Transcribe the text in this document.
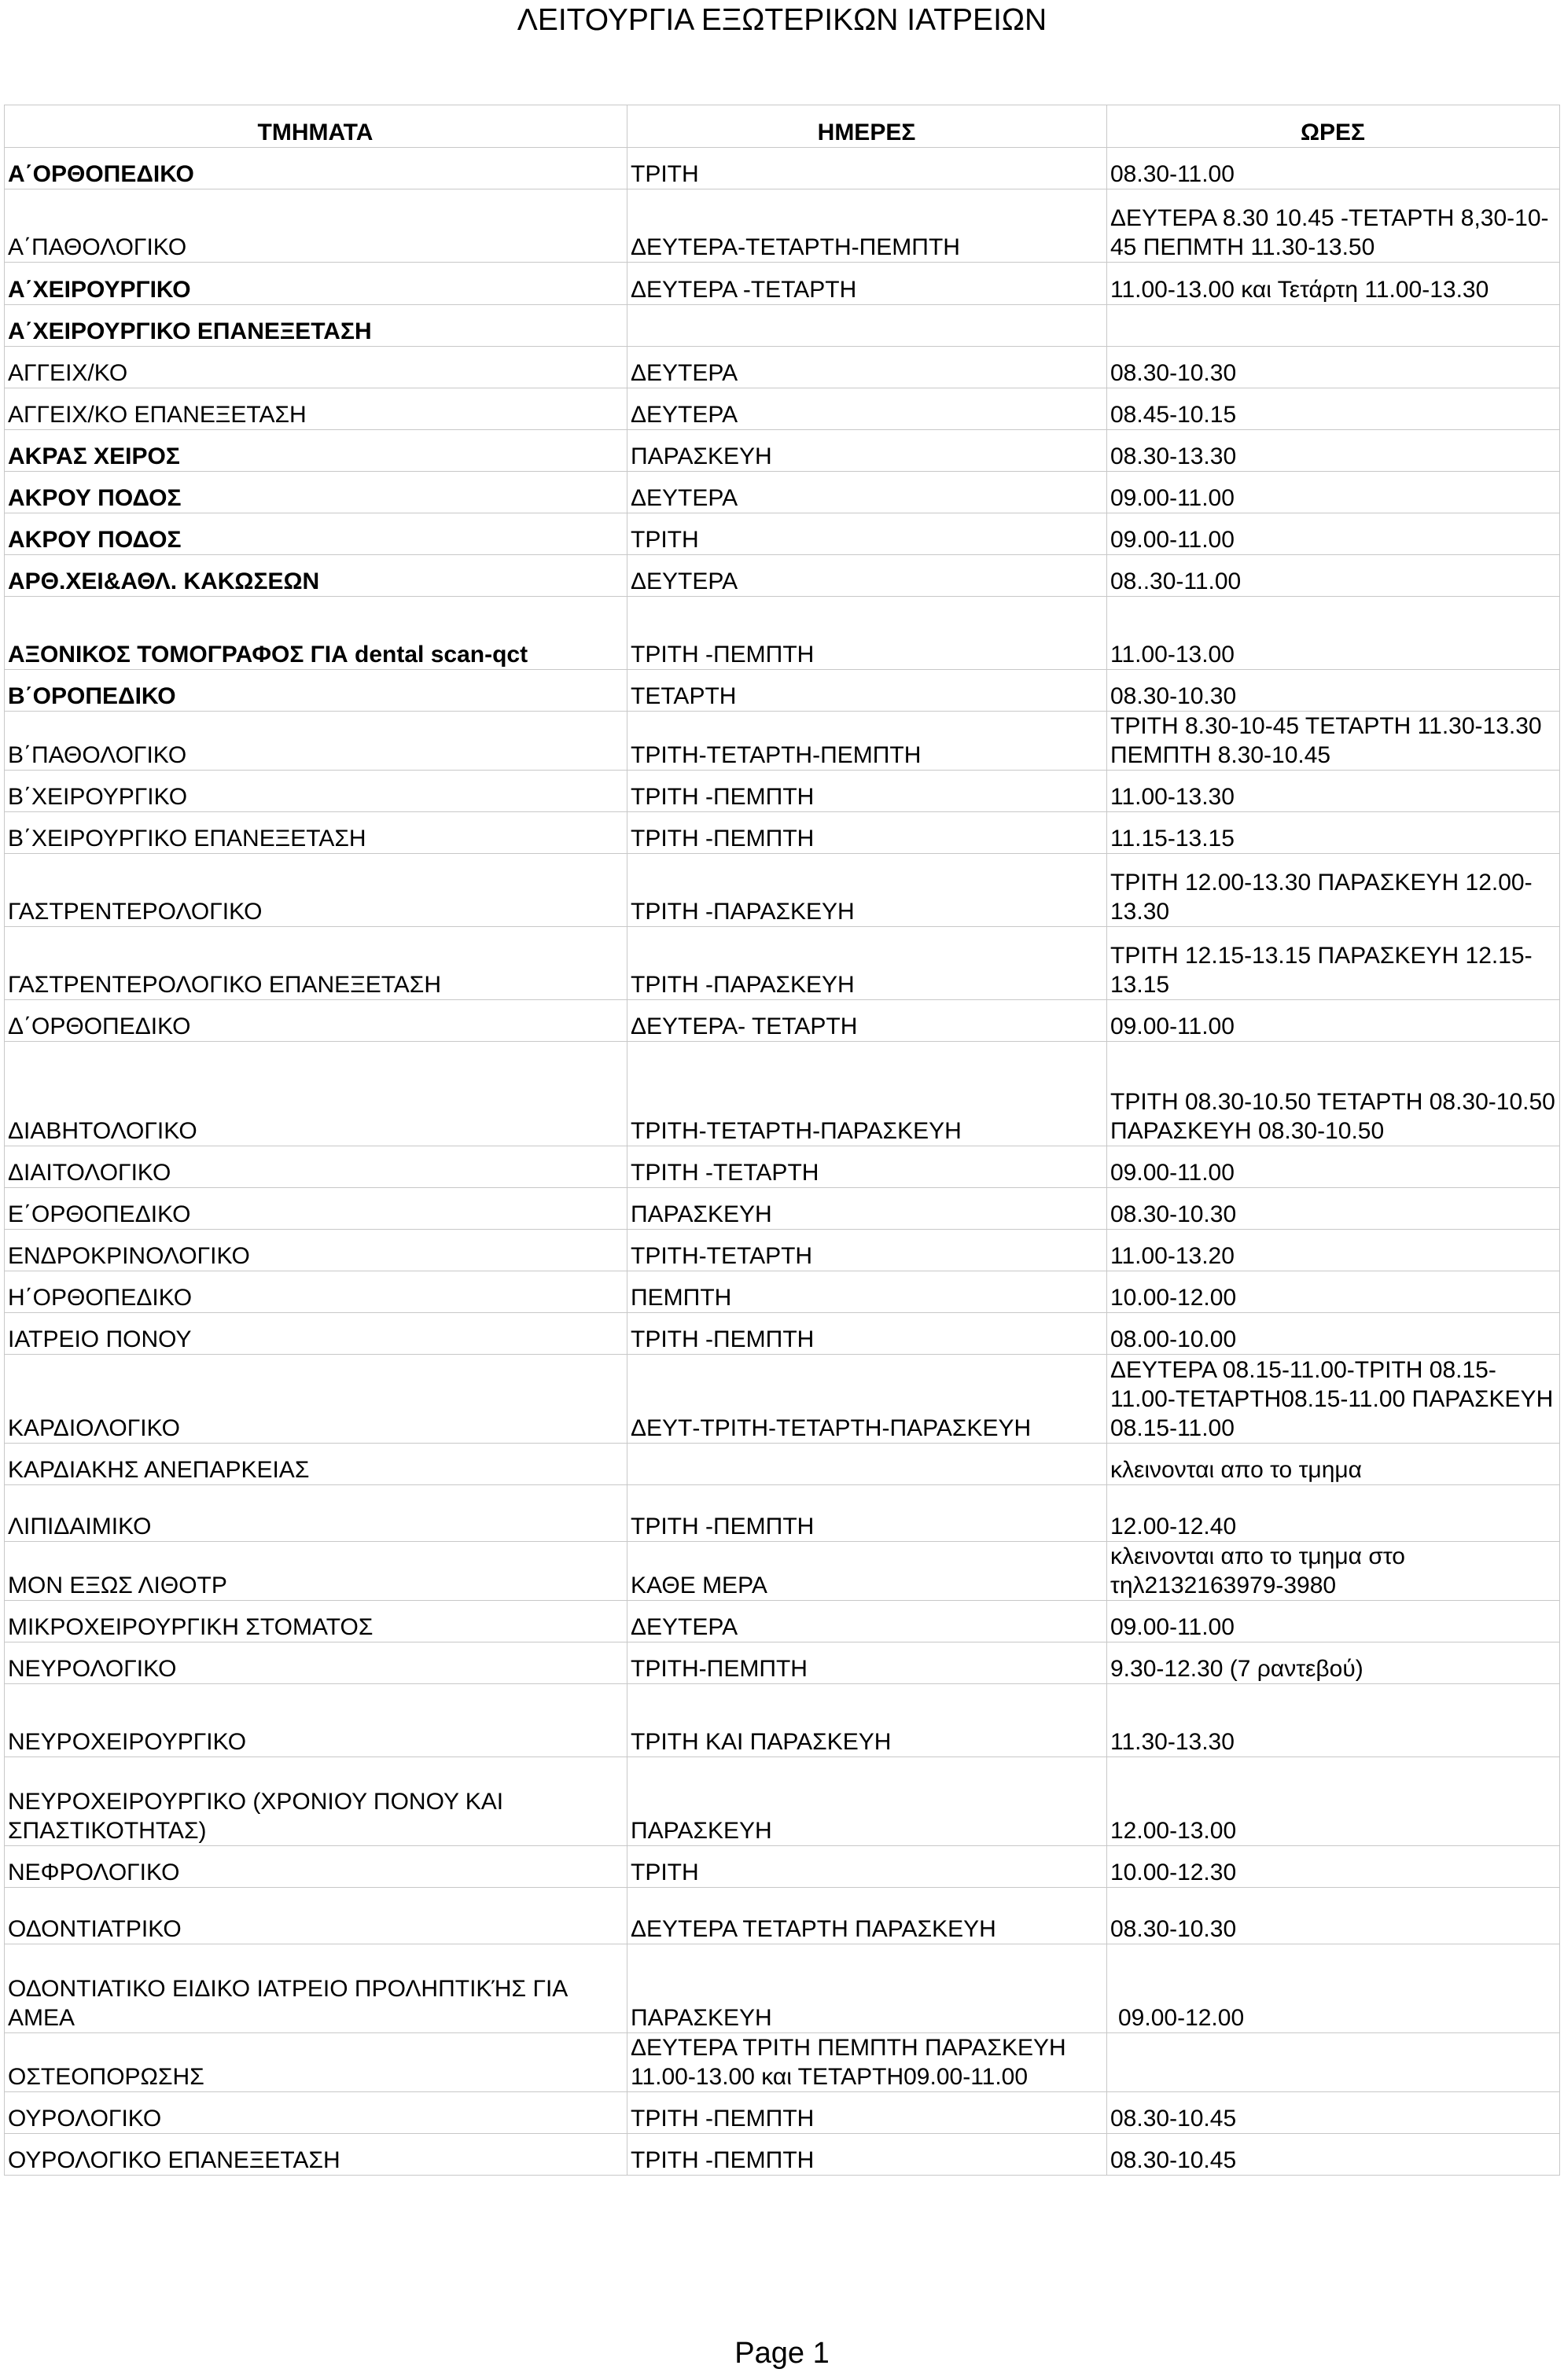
ΛΕΙΤΟΥΡΓΙΑ ΕΞΩΤΕΡΙΚΩΝ ΙΑΤΡΕΙΩΝ
ΤΜΗΜΑΤΑ	ΗΜΕΡΕΣ	ΩΡΕΣ
Α΄ΟΡΘΟΠΕΔΙΚΟ	ΤΡΙΤΗ	08.30-11.00
Α΄ΠΑΘΟΛΟΓΙΚΟ	ΔΕΥΤΕΡΑ-ΤΕΤΑΡΤΗ-ΠΕΜΠΤΗ	ΔΕΥΤΕΡΑ 8.30 10.45 -ΤΕΤΑΡΤΗ 8,30-10-45 ΠΕΠΜΤΗ 11.30-13.50
Α΄ΧΕΙΡΟΥΡΓΙΚΟ	ΔΕΥΤΕΡΑ -ΤΕΤΑΡΤΗ	11.00-13.00 και Τετάρτη 11.00-13.30
Α΄ΧΕΙΡΟΥΡΓΙΚΟ ΕΠΑΝΕΞΕΤΑΣΗ		
ΑΓΓΕΙΧ/ΚΟ	ΔΕΥΤΕΡΑ	08.30-10.30
ΑΓΓΕΙΧ/ΚΟ ΕΠΑΝΕΞΕΤΑΣΗ	ΔΕΥΤΕΡΑ	08.45-10.15
ΑΚΡΑΣ ΧΕΙΡΟΣ	ΠΑΡΑΣΚΕΥΗ	08.30-13.30
ΑΚΡΟΥ ΠΟΔΟΣ	ΔΕΥΤΕΡΑ	09.00-11.00
ΑΚΡΟΥ ΠΟΔΟΣ	ΤΡΙΤΗ	09.00-11.00
ΑΡΘ.ΧΕΙ&ΑΘΛ. ΚΑΚΩΣΕΩΝ	ΔΕΥΤΕΡΑ	08..30-11.00
ΑΞΟΝΙΚΟΣ ΤΟΜΟΓΡΑΦΟΣ ΓΙΑ dental scan-qct	ΤΡΙΤΗ -ΠΕΜΠΤΗ	11.00-13.00
Β΄ΟΡΟΠΕΔΙΚΟ	ΤΕΤΑΡΤΗ	08.30-10.30
Β΄ΠΑΘΟΛΟΓΙΚΟ	ΤΡΙΤΗ-ΤΕΤΑΡΤΗ-ΠΕΜΠΤΗ	ΤΡΙΤΗ 8.30-10-45 ΤΕΤΑΡΤΗ 11.30-13.30 ΠΕΜΠΤΗ 8.30-10.45
Β΄ΧΕΙΡΟΥΡΓΙΚΟ	ΤΡΙΤΗ -ΠΕΜΠΤΗ	11.00-13.30
Β΄ΧΕΙΡΟΥΡΓΙΚΟ ΕΠΑΝΕΞΕΤΑΣΗ	ΤΡΙΤΗ -ΠΕΜΠΤΗ	11.15-13.15
ΓΑΣΤΡΕΝΤΕΡΟΛΟΓΙΚΟ	ΤΡΙΤΗ -ΠΑΡΑΣΚΕΥΗ	ΤΡΙΤΗ 12.00-13.30 ΠΑΡΑΣΚΕΥΗ 12.00-13.30
ΓΑΣΤΡΕΝΤΕΡΟΛΟΓΙΚΟ ΕΠΑΝΕΞΕΤΑΣΗ	ΤΡΙΤΗ -ΠΑΡΑΣΚΕΥΗ	ΤΡΙΤΗ 12.15-13.15 ΠΑΡΑΣΚΕΥΗ 12.15-13.15
Δ΄ΟΡΘΟΠΕΔΙΚΟ	ΔΕΥΤΕΡΑ- ΤΕΤΑΡΤΗ	09.00-11.00
ΔΙΑΒΗΤΟΛΟΓΙΚΟ	ΤΡΙΤΗ-ΤΕΤΑΡΤΗ-ΠΑΡΑΣΚΕΥΗ	ΤΡΙΤΗ 08.30-10.50 ΤΕΤΑΡΤΗ 08.30-10.50 ΠΑΡΑΣΚΕΥΗ 08.30-10.50
ΔΙΑΙΤΟΛΟΓΙΚΟ	ΤΡΙΤΗ -ΤΕΤΑΡΤΗ	09.00-11.00
Ε΄ΟΡΘΟΠΕΔΙΚΟ	ΠΑΡΑΣΚΕΥΗ	08.30-10.30
ΕΝΔΡΟΚΡΙΝΟΛΟΓΙΚΟ	ΤΡΙΤΗ-ΤΕΤΑΡΤΗ	11.00-13.20
Η΄ΟΡΘΟΠΕΔΙΚΟ	ΠΕΜΠΤΗ	10.00-12.00
ΙΑΤΡΕΙΟ ΠΟΝΟΥ	ΤΡΙΤΗ -ΠΕΜΠΤΗ	08.00-10.00
ΚΑΡΔΙΟΛΟΓΙΚΟ	ΔΕΥΤ-ΤΡΙΤΗ-ΤΕΤΑΡΤΗ-ΠΑΡΑΣΚΕΥΗ	ΔΕΥΤΕΡΑ 08.15-11.00-ΤΡΙΤΗ 08.15-11.00-ΤΕΤΑΡΤΗ08.15-11.00 ΠΑΡΑΣΚΕΥΗ 08.15-11.00
ΚΑΡΔΙΑΚΗΣ ΑΝΕΠΑΡΚΕΙΑΣ		κλεινονται απο το τμημα
ΛΙΠΙΔΑΙΜΙΚΟ	ΤΡΙΤΗ -ΠΕΜΠΤΗ	12.00-12.40
ΜΟΝ ΕΞΩΣ ΛΙΘΟΤΡ	ΚΑΘΕ ΜΕΡΑ	κλεινονται απο το τμημα στο τηλ2132163979-3980
ΜΙΚΡΟΧΕΙΡΟΥΡΓΙΚΗ ΣΤΟΜΑΤΟΣ	ΔΕΥΤΕΡΑ	09.00-11.00
ΝΕΥΡΟΛΟΓΙΚΟ	ΤΡΙΤΗ-ΠΕΜΠΤΗ	9.30-12.30 (7 ραντεβού)
ΝΕΥΡΟΧΕΙΡΟΥΡΓΙΚΟ	ΤΡΙΤΗ ΚΑΙ ΠΑΡΑΣΚΕΥΗ	11.30-13.30
ΝΕΥΡΟΧΕΙΡΟΥΡΓΙΚΟ (ΧΡΟΝΙΟΥ ΠΟΝΟΥ ΚΑΙ ΣΠΑΣΤΙΚΟΤΗΤΑΣ)	ΠΑΡΑΣΚΕΥΗ	12.00-13.00
ΝΕΦΡΟΛΟΓΙΚΟ	ΤΡΙΤΗ	10.00-12.30
ΟΔΟΝΤΙΑΤΡΙΚΟ	ΔΕΥΤΕΡΑ ΤΕΤΑΡΤΗ ΠΑΡΑΣΚΕΥΗ	08.30-10.30
ΟΔΟΝΤΙΑΤΙΚΟ ΕΙΔΙΚΟ ΙΑΤΡΕΙΟ ΠΡΟΛΗΠΤΙΚΉΣ ΓΙΑ ΑΜΕΑ	ΠΑΡΑΣΚΕΥΗ	09.00-12.00
ΟΣΤΕΟΠΟΡΩΣΗΣ	ΔΕΥΤΕΡΑ ΤΡΙΤΗ ΠΕΜΠΤΗ ΠΑΡΑΣΚΕΥΗ 11.00-13.00 και ΤΕΤΑΡΤΗ09.00-11.00	
ΟΥΡΟΛΟΓΙΚΟ	ΤΡΙΤΗ -ΠΕΜΠΤΗ	08.30-10.45
ΟΥΡΟΛΟΓΙΚΟ ΕΠΑΝΕΞΕΤΑΣΗ	ΤΡΙΤΗ -ΠΕΜΠΤΗ	08.30-10.45
Page 1
